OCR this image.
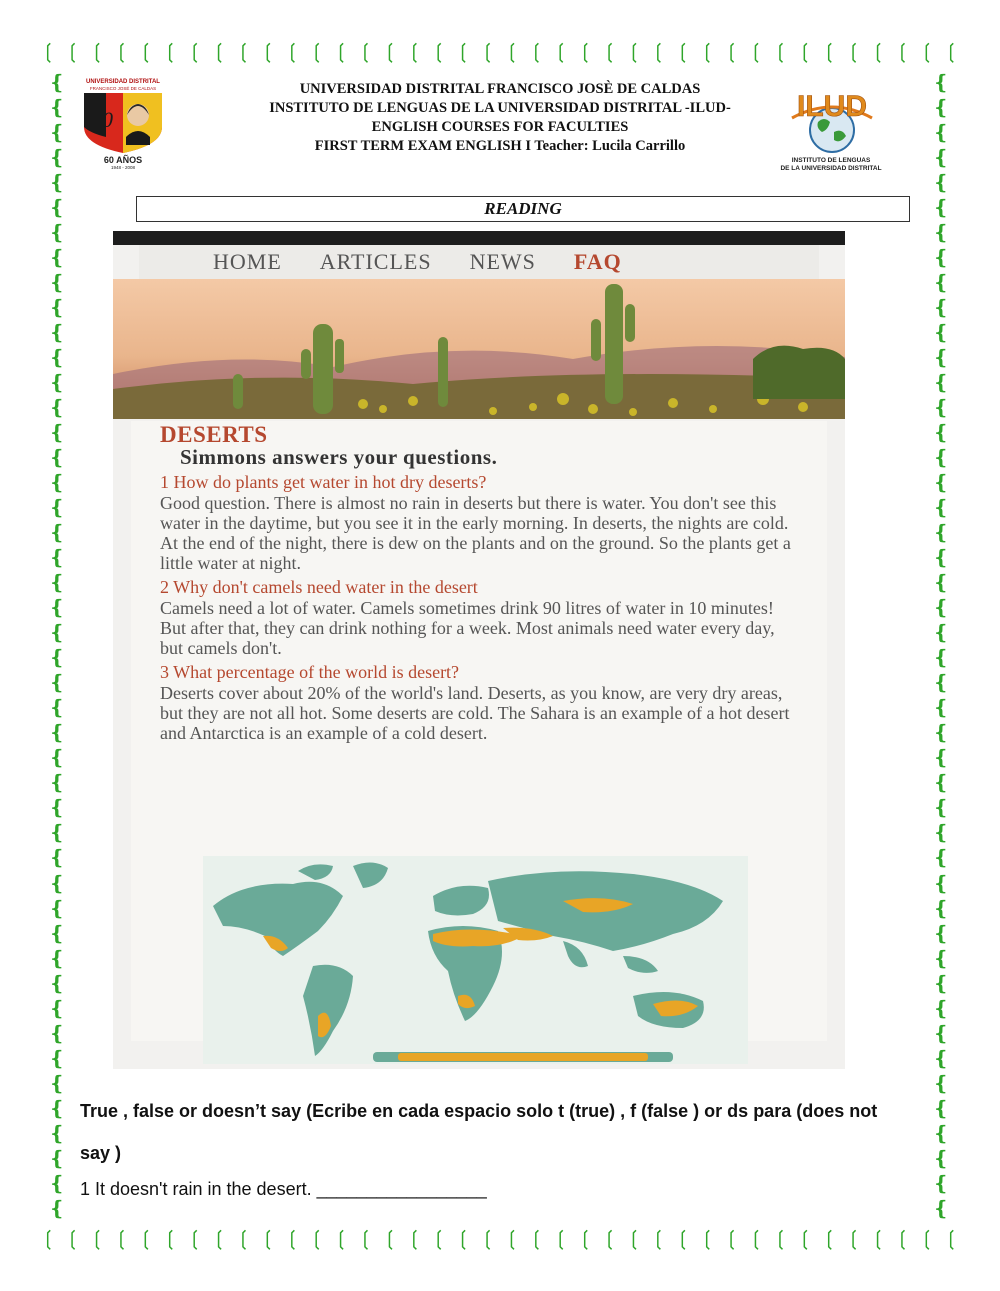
❲ ❲ ❲ ❲ ❲ ❲ ❲ ❲ ❲ ❲ ❲ ❲ ❲ ❲ ❲ ❲ ❲ ❲ ❲ ❲ ❲ ❲ ❲ ❲ ❲ ❲ ❲ ❲ ❲ ❲ ❲ ❲ ❲ ❲ ❲ ❲ ❲ ❲
❲ ❲ ❲ ❲ ❲ ❲ ❲ ❲ ❲ ❲ ❲ ❲ ❲ ❲ ❲ ❲ ❲ ❲ ❲ ❲ ❲ ❲ ❲ ❲ ❲ ❲ ❲ ❲ ❲ ❲ ❲ ❲ ❲ ❲ ❲ ❲ ❲ ❲
❴
❴
❴
❴
❴
❴
❴
❴
❴
❴
❴
❴
❴
❴
❴
❴
❴
❴
❴
❴
❴
❴
❴
❴
❴
❴
❴
❴
❴
❴
❴
❴
❴
❴
❴
❴
❴
❴
❴
❴
❴
❴
❴
❴
❴
❴
❴
❴
❴
❴
❴
❴
❴
❴
❴
❴
❴
❴
❴
❴
❴
❴
❴
❴
❴
❴
❴
❴
❴
❴
❴
❴
❴
❴
❴
❴
❴
❴
❴
❴
❴
❴
❴
❴
❴
❴
❴
❴
❴
❴
❴
❴
UNIVERSIDAD DISTRITAL
FRANCISCO JOSÉ DE CALDAS
0
60 AÑOS
1948 - 2008
UNIVERSIDAD DISTRITAL FRANCISCO JOSÈ DE CALDAS
INSTITUTO DE LENGUAS DE LA UNIVERSIDAD DISTRITAL -ILUD-
ENGLISH COURSES FOR FACULTIES
FIRST TERM EXAM ENGLISH I Teacher: Lucila Carrillo
ILUD
INSTITUTO DE LENGUAS
DE LA UNIVERSIDAD DISTRITAL
READING
HOME ARTICLES NEWS FAQ
DESERTS
Simmons answers your questions.
1 How do plants get water in hot dry deserts?
Good question. There is almost no rain in deserts but there is water. You don't see this water in the daytime, but you see it in the early morning. In deserts, the nights are cold. At the end of the night, there is dew on the plants and on the ground. So the plants get a little water at night.
2 Why don't camels need water in the desert
Camels need a lot of water. Camels sometimes drink 90 litres of water in 10 minutes! But after that, they can drink nothing for a week. Most animals need water every day, but camels don't.
3 What percentage of the world is desert?
Deserts cover about 20% of the world's land. Deserts, as you know, are very dry areas, but they are not all hot. Some deserts are cold. The Sahara is an example of a hot desert and Antarctica is an example of a cold desert.
True , false or doesn’t say (Ecribe en cada espacio solo t (true) , f (false ) or ds para (does not say )
1 It doesn't rain in the desert. _________________
